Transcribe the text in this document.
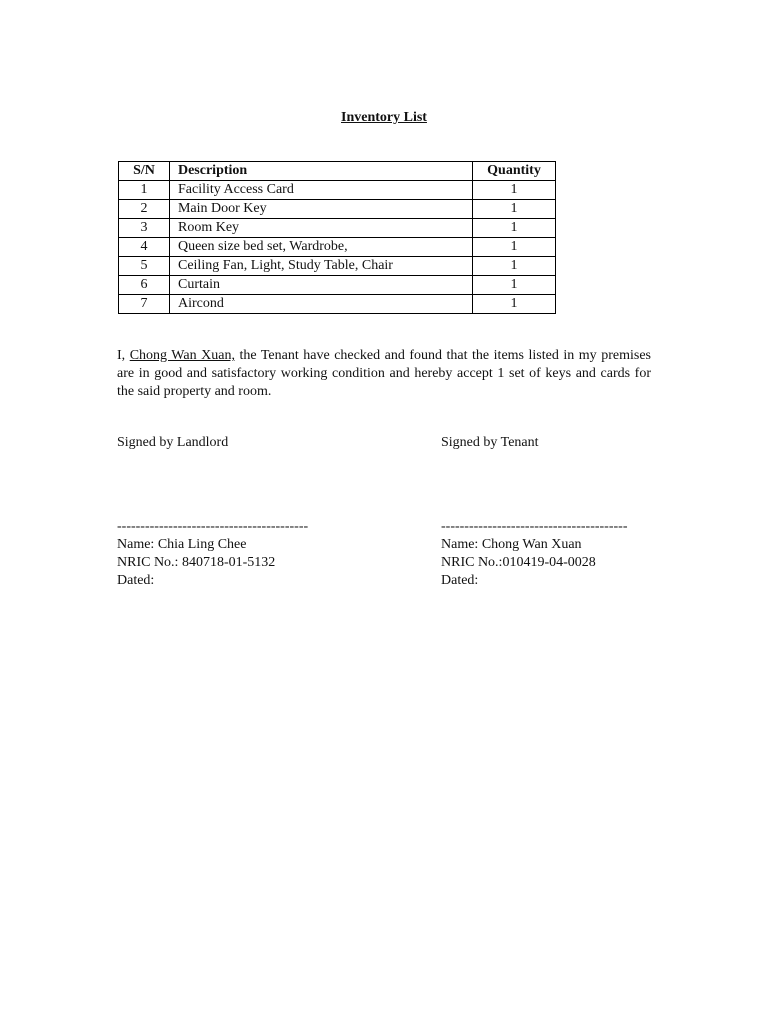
Inventory List
S/N	Description	Quantity
1	Facility Access Card	1
2	Main Door Key	1
3	Room Key	1
4	Queen size bed set, Wardrobe,	1
5	Ceiling Fan, Light, Study Table, Chair	1
6	Curtain	1
7	Aircond	1
I, Chong Wan Xuan, the Tenant have checked and found that the items listed in my premises are in good and satisfactory working condition and hereby accept 1 set of keys and cards for the said property and room.
Signed by Landlord
-----------------------------------------
Name: Chia Ling Chee
NRIC No.: 840718-01-5132
Dated:
Signed by Tenant
----------------------------------------
Name: Chong Wan Xuan
NRIC No.:010419-04-0028
Dated:
